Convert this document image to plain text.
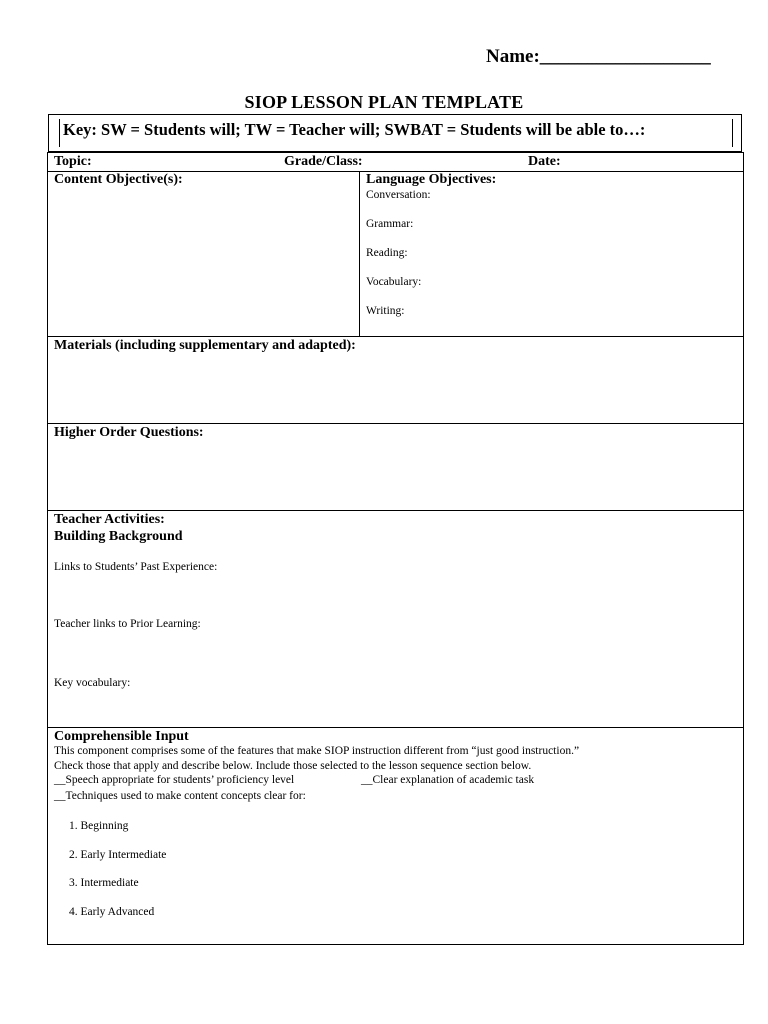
Name:__________________
SIOP LESSON PLAN TEMPLATE
Key: SW = Students will; TW = Teacher will; SWBAT = Students will be able to…:
Topic:	Grade/Class:	Date:
Content Objective(s):	Language Objectives:
Conversation:
Grammar:
Reading:
Vocabulary:
Writing:
Materials (including supplementary and adapted):
Higher Order Questions:
Teacher Activities:
Building Background
Links to Students’ Past Experience:
Teacher links to Prior Learning:
Key vocabulary:
Comprehensible Input
This component comprises some of the features that make SIOP instruction different from “just good instruction.”
Check those that apply and describe below. Include those selected to the lesson sequence section below.
__Speech appropriate for students’ proficiency level	__Clear explanation of academic task
__Techniques used to make content concepts clear for:
1. Beginning
2. Early Intermediate
3. Intermediate
4. Early Advanced
